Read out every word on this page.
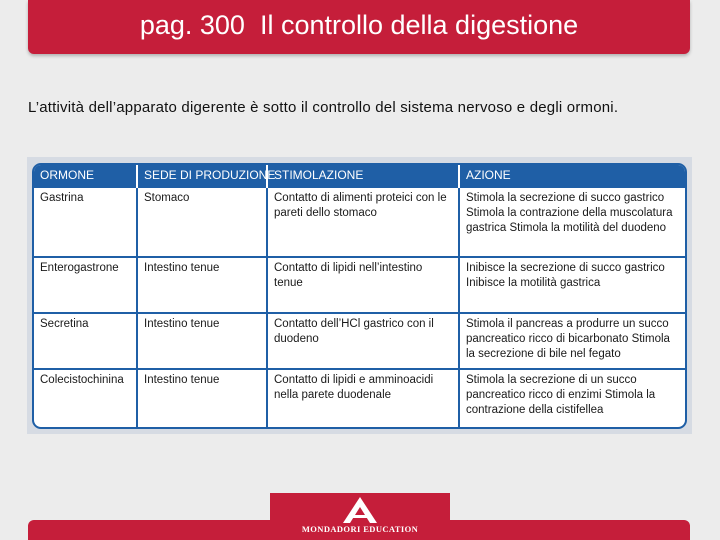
pag. 300  Il controllo della digestione
L’attività dell’apparato digerente è sotto il controllo del sistema nervoso e degli ormoni.
ORMONE	SEDE DI PRODUZIONE	STIMOLAZIONE	AZIONE
Gastrina	Stomaco	Contatto di alimenti proteici con le pareti dello stomaco	Stimola la secrezione di succo gastrico Stimola la contrazione della muscolatura gastrica Stimola la motilità del duodeno
Enterogastrone	Intestino tenue	Contatto di lipidi nell’intestino tenue	Inibisce la secrezione di succo gastrico Inibisce la motilità gastrica
Secretina	Intestino tenue	Contatto dell’HCl gastrico con il duodeno	Stimola il pancreas a produrre un succo pancreatico ricco di bicarbonato Stimola la secrezione di bile nel fegato
Colecistochinina	Intestino tenue	Contatto di lipidi e amminoacidi nella parete duodenale	Stimola la secrezione di un succo pancreatico ricco di enzimi Stimola la contrazione della cistifellea
MONDADORI EDUCATION
